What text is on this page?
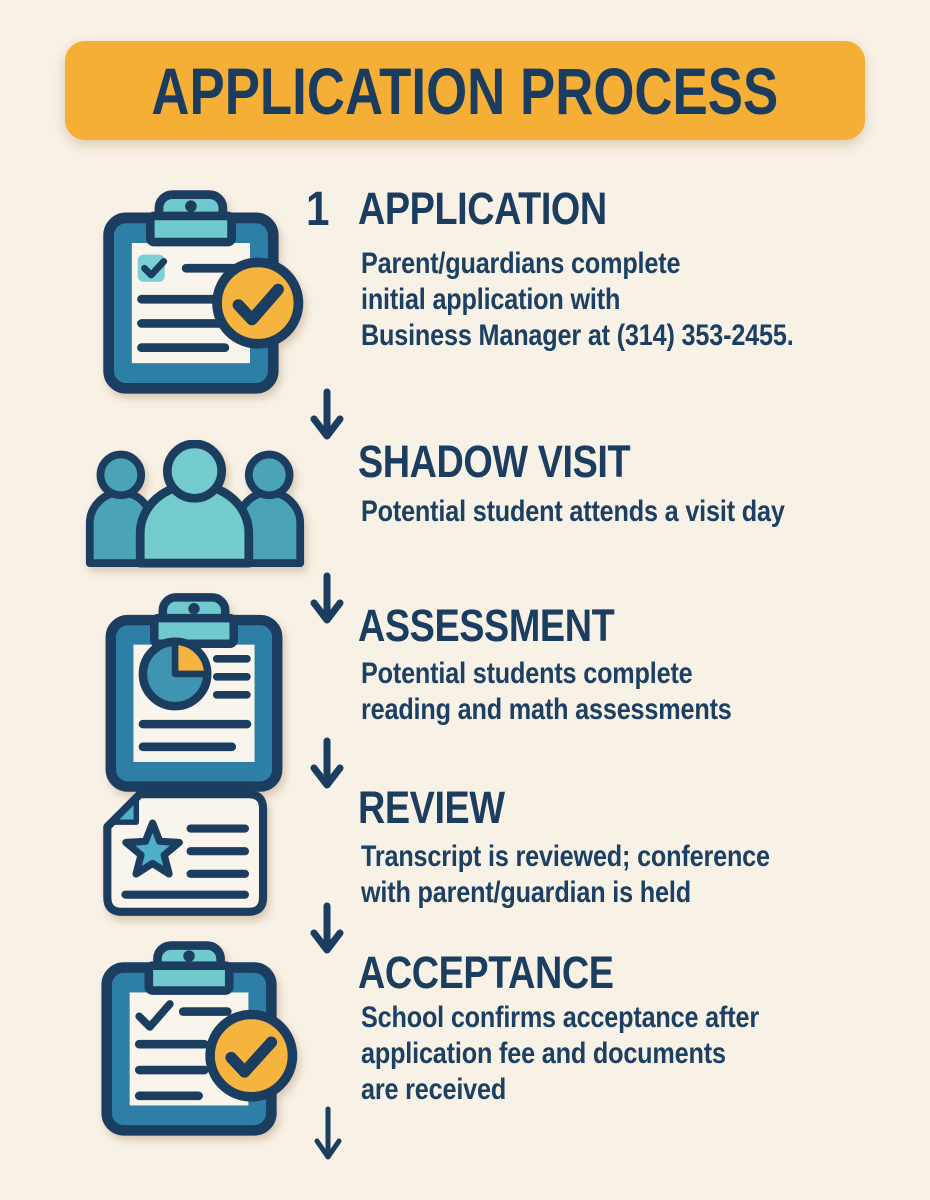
APPLICATION PROCESS
1 APPLICATION
Parent/guardians complete
initial application with
Business Manager at (314) 353-2455.
SHADOW VISIT
Potential student attends a visit day
ASSESSMENT
Potential students complete
reading and math assessments
REVIEW
Transcript is reviewed; conference
with parent/guardian is held
ACCEPTANCE
School confirms acceptance after
application fee and documents
are received
